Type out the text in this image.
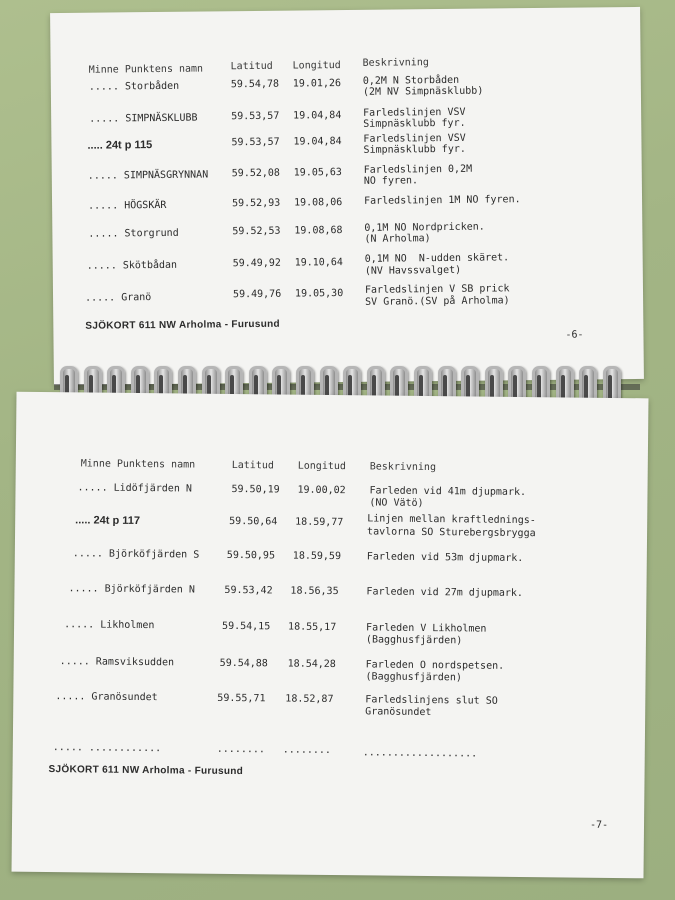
Minne Punktens namn	Latitud Longitud Beskrivning
..... Storbåden	59.54,78 19.01,26 0,2M N Storbåden
(2M NV Simpnäsklubb)
..... SIMPNÄSKLUBB	59.53,57 19.04,84 Farledslinjen VSV
Simpnäsklubb fyr.
..... 24t p 115	59.53,57 19.04,84 Farledslinjen VSV
Simpnäsklubb fyr.
..... SIMPNÄSGRYNNAN 59.52,08 19.05,63 Farledslinjen 0,2M
NO fyren.
..... HÖGSKÄR	59.52,93 19.08,06 Farledslinjen 1M NO fyren.
..... Storgrund	59.52,53 19.08,68 0,1M NO Nordpricken.
(N Arholma)
..... Skötbådan	59.49,92 19.10,64 0,1M NO  N-udden skäret.
(NV Havssvalget)
..... Granö	59.49,76 19.05,30 Farledslinjen V SB prick
SV Granö.(SV på Arholma)
SJÖKORT 611 NW Arholma - Furusund
-6-
Minne Punktens namn	Latitud Longitud Beskrivning
..... Lidöfjärden N	59.50,19 19.00,02 Farleden vid 41m djupmark.
(NO Vätö)
..... 24t p 117	59.50,64 18.59,77 Linjen mellan kraftlednings-
tavlorna SO Sturebergsbrygga
..... Björköfjärden S	59.50,95 18.59,59	Farleden vid 53m djupmark.
..... Björköfjärden N	59.53,42 18.56,35	Farleden vid 27m djupmark.
..... Likholmen	59.54,15 18.55,17	Farleden V Likholmen
(Bagghusfjärden)
..... Ramsviksudden	59.54,88 18.54,28	Farleden O nordspetsen.
(Bagghusfjärden)
..... Granösundet	59.55,71 18.52,87	Farledslinjens slut SO
Granösundet
..... ............	........ ........	...................
SJÖKORT 611 NW Arholma - Furusund
-7-
